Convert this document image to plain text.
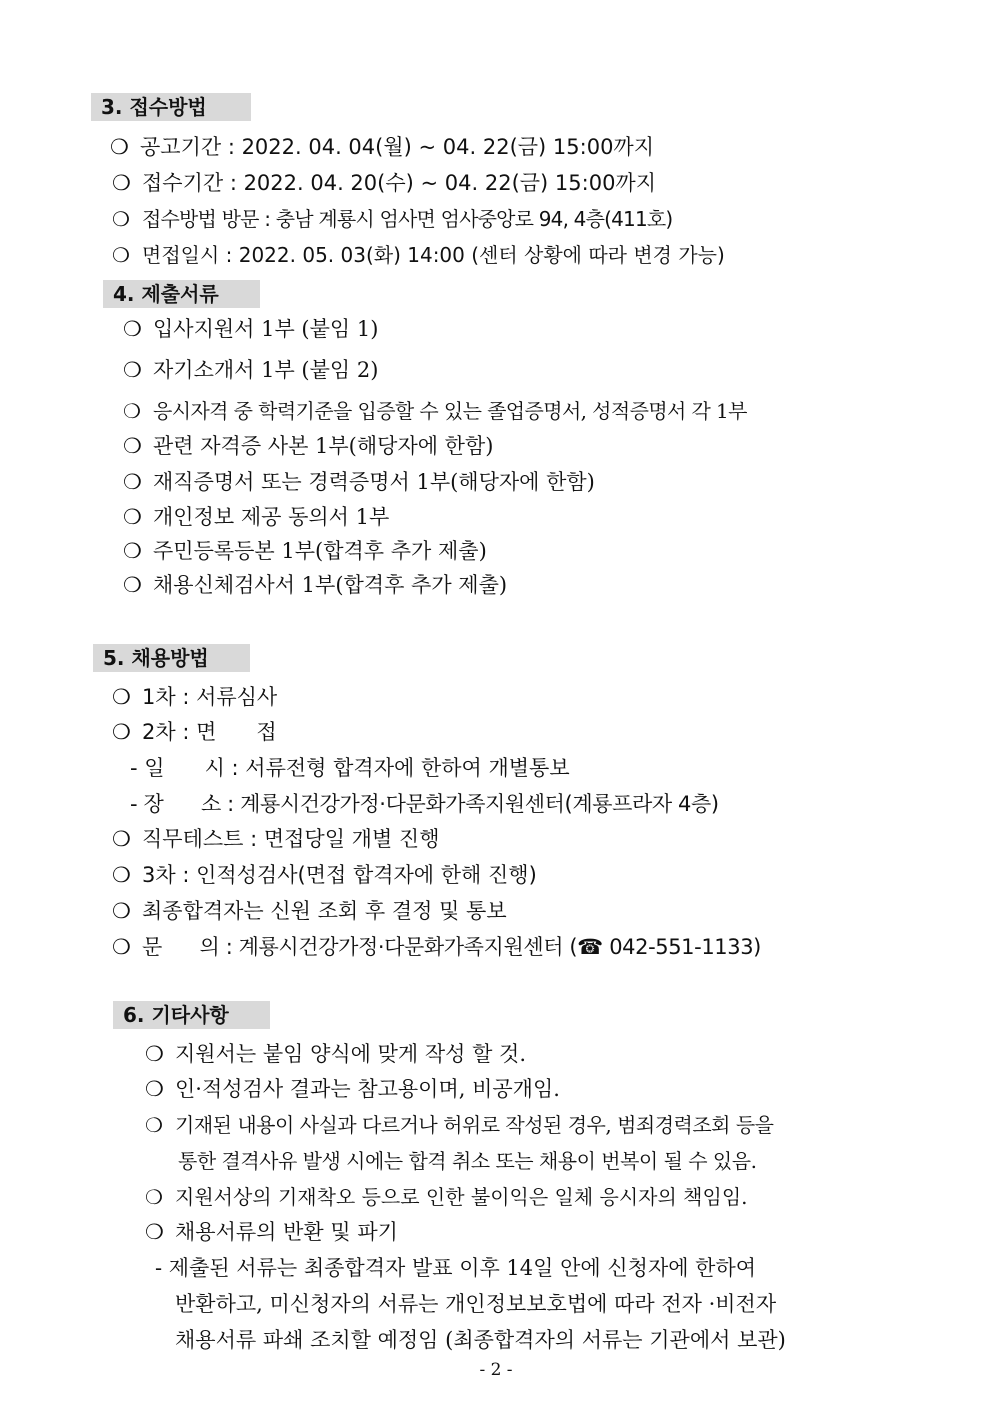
3. 접수방법
❍ 공고기간 : 2022. 04. 04(월) ~ 04. 22(금) 15:00까지
❍ 접수기간 : 2022. 04. 20(수) ~ 04. 22(금) 15:00까지
❍ 접수방법 방문 : 충남 계룡시 엄사면 엄사중앙로 94, 4층(411호)
❍ 면접일시 : 2022. 05. 03(화) 14:00 (센터 상황에 따라 변경 가능)
4. 제출서류
❍ 입사지원서 1부 (붙임 1)
❍ 자기소개서 1부 (붙임 2)
❍ 응시자격 중 학력기준을 입증할 수 있는 졸업증명서, 성적증명서 각 1부
❍ 관련 자격증 사본 1부(해당자에 한함)
❍ 재직증명서 또는 경력증명서 1부(해당자에 한함)
❍ 개인정보 제공 동의서 1부
❍ 주민등록등본 1부(합격후 추가 제출)
❍ 채용신체검사서 1부(합격후 추가 제출)
5. 채용방법
❍ 1차 : 서류심사
❍ 2차 : 면      접
- 일      시 : 서류전형 합격자에 한하여 개별통보
- 장      소 : 계룡시건강가정·다문화가족지원센터(계룡프라자 4층)
❍ 직무테스트 : 면접당일 개별 진행
❍ 3차 : 인적성검사(면접 합격자에 한해 진행)
❍ 최종합격자는 신원 조회 후 결정 및 통보
❍ 문      의 : 계룡시건강가정·다문화가족지원센터 (☎ 042-551-1133)
6. 기타사항
❍ 지원서는 붙임 양식에 맞게 작성 할 것.
❍ 인·적성검사 결과는 참고용이며, 비공개임.
❍ 기재된 내용이 사실과 다르거나 허위로 작성된 경우, 범죄경력조회 등을
통한 결격사유 발생 시에는 합격 취소 또는 채용이 번복이 될 수 있음.
❍ 지원서상의 기재착오 등으로 인한 불이익은 일체 응시자의 책임임.
❍ 채용서류의 반환 및 파기
- 제출된 서류는 최종합격자 발표 이후 14일 안에 신청자에 한하여
반환하고, 미신청자의 서류는 개인정보보호법에 따라 전자 ·비전자
채용서류 파쇄 조치할 예정임 (최종합격자의 서류는 기관에서 보관)
- 2 -
